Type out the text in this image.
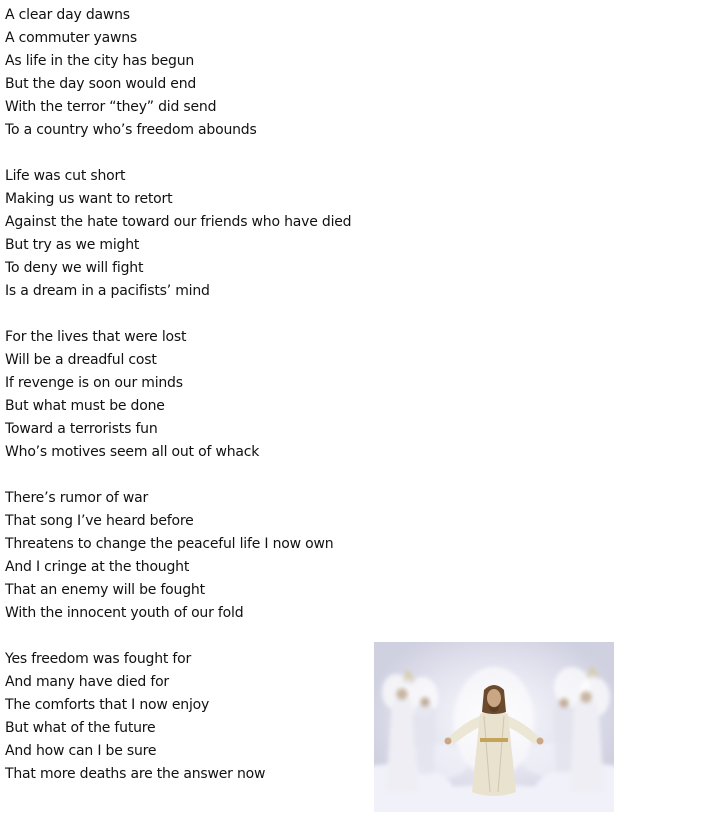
A clear day dawns
A commuter yawns
As life in the city has begun
But the day soon would end
With the terror “they” did send
To a country who’s freedom abounds
Life was cut short
Making us want to retort
Against the hate toward our friends who have died
But try as we might
To deny we will fight
Is a dream in a pacifists’ mind
For the lives that were lost
Will be a dreadful cost
If revenge is on our minds
But what must be done
Toward a terrorists fun
Who’s motives seem all out of whack
There’s rumor of war
That song I’ve heard before
Threatens to change the peaceful life I now own
And I cringe at the thought
That an enemy will be fought
With the innocent youth of our fold
Yes freedom was fought for
And many have died for
The comforts that I now enjoy
But what of the future
And how can I be sure
That more deaths are the answer now
